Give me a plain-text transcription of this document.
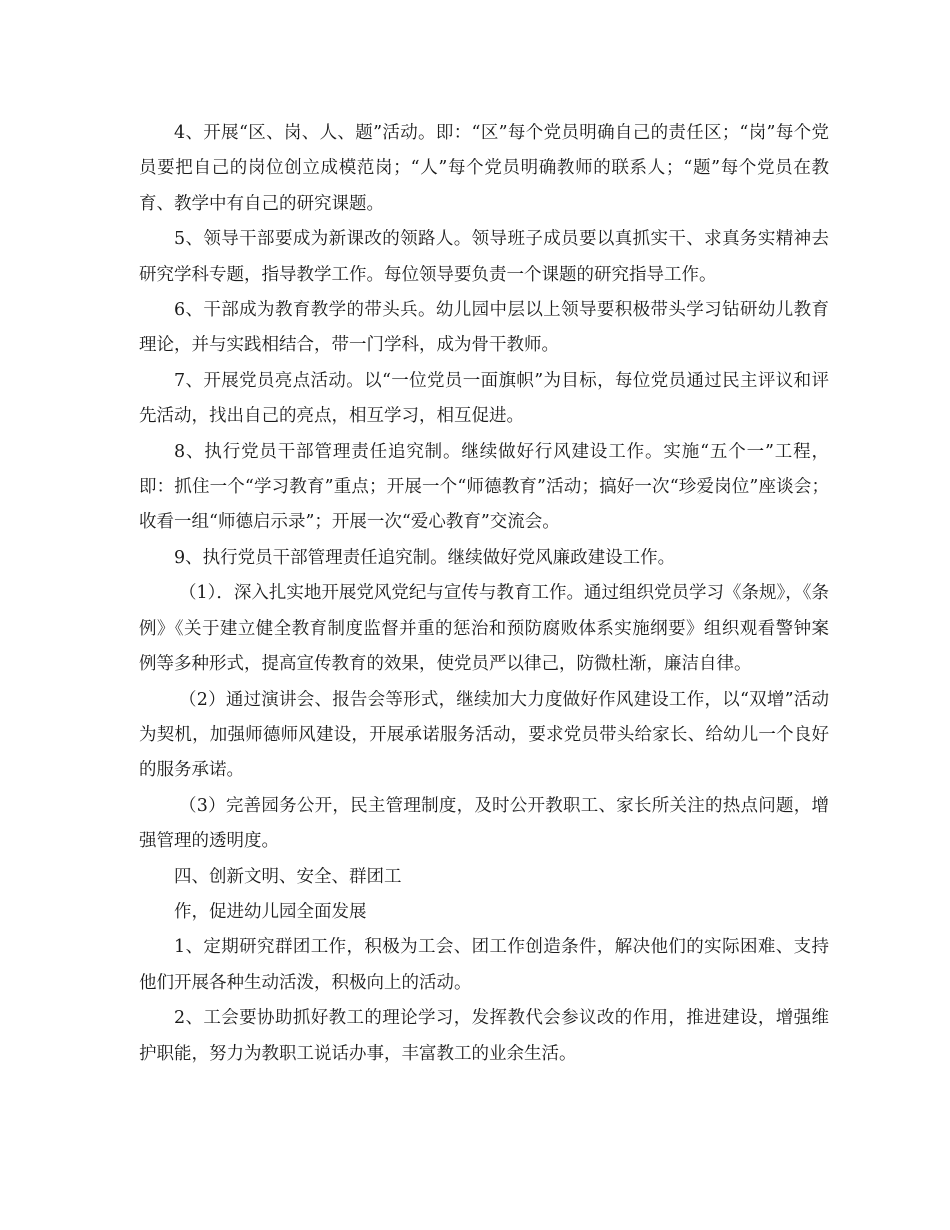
4、开展“区、岗、人、题”活动。即：“区”每个党员明确自己的责任区；“岗”每个党员要把自己的岗位创立成模范岗；“人”每个党员明确教师的联系人；“题”每个党员在教育、教学中有自己的研究课题。

5、领导干部要成为新课改的领路人。领导班子成员要以真抓实干、求真务实精神去研究学科专题，指导教学工作。每位领导要负责一个课题的研究指导工作。

6、干部成为教育教学的带头兵。幼儿园中层以上领导要积极带头学习钻研幼儿教育理论，并与实践相结合，带一门学科，成为骨干教师。

7、开展党员亮点活动。以“一位党员一面旗帜”为目标，每位党员通过民主评议和评先活动，找出自己的亮点，相互学习，相互促进。

8、执行党员干部管理责任追究制。继续做好行风建设工作。实施“五个一”工程，即：抓住一个“学习教育”重点；开展一个“师德教育”活动；搞好一次“珍爱岗位”座谈会；收看一组“师德启示录”；开展一次“爱心教育”交流会。

9、执行党员干部管理责任追究制。继续做好党风廉政建设工作。

（1）．深入扎实地开展党风党纪与宣传与教育工作。通过组织党员学习《条规》，《条例》《关于建立健全教育制度监督并重的惩治和预防腐败体系实施纲要》组织观看警钟案例等多种形式，提高宣传教育的效果，使党员严以律己，防微杜渐，廉洁自律。

（2）通过演讲会、报告会等形式，继续加大力度做好作风建设工作，以“双增”活动为契机，加强师德师风建设，开展承诺服务活动，要求党员带头给家长、给幼儿一个良好的服务承诺。

（3）完善园务公开，民主管理制度，及时公开教职工、家长所关注的热点问题，增强管理的透明度。

四、创新文明、安全、群团工

作，促进幼儿园全面发展

1、定期研究群团工作，积极为工会、团工作创造条件，解决他们的实际困难、支持他们开展各种生动活泼，积极向上的活动。

2、工会要协助抓好教工的理论学习，发挥教代会参议改的作用，推进建设，增强维护职能，努力为教职工说话办事，丰富教工的业余生活。
